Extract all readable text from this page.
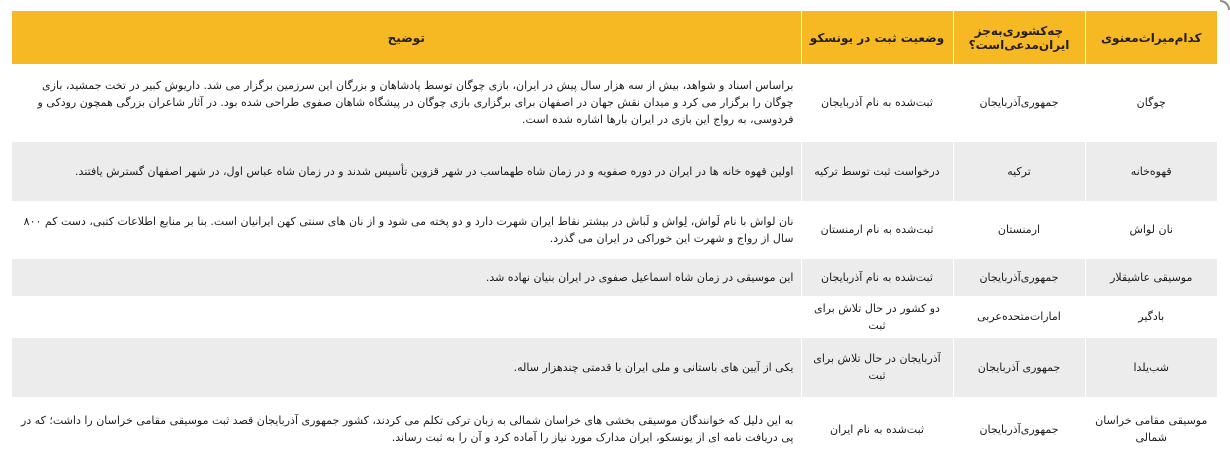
کدام‌میراث‌معنوی	چه‌کشوری‌به‌جز ایران‌مدعی‌است؟	وضعیت ثبت در یونسکو	توضیح
چوگان	جمهوری‌آذربایجان	ثبت‌شده به نام آذربایجان	براساس اسناد و شواهد، بیش از سه هزار سال پیش در ایران، بازی چوگان توسط پادشاهان و بزرگان این سرزمین برگزار می شد. داریوش کبیر در تخت جمشید، بازی چوگان را برگزار می کرد و میدان نقش جهان در اصفهان برای برگزاری بازی چوگان در پیشگاه شاهان صفوی طراحی شده بود. در آثار شاعران بزرگی همچون رودکی و فردوسی، به رواج این بازی در ایران بارها اشاره شده است.
قهوه‌خانه	ترکیه	درخواست ثبت توسط ترکیه	اولین قهوه خانه ها در ایران در دوره صفویه و در زمان شاه طهماسب در شهر قزوین تأسیس شدند و در زمان شاه عباس اول، در شهر اصفهان گسترش یافتند.
نان لواش	ارمنستان	ثبت‌شده به نام ارمنستان	نان لواش با نام لَواش، لِواش و لَباش در بیشتر نقاط ایران شهرت دارد و دو پخته می شود و از نان های سنتی کهن ایرانیان است. بنا بر منابع اطلاعات کتبی، دست کم ۸۰۰ سال از رواج و شهرت این خوراکی در ایران می گذرد.
موسیقی عاشیقلار	جمهوری‌آذربایجان	ثبت‌شده به نام آذربایجان	این موسیقی در زمان شاه اسماعیل صفوی در ایران بنیان نهاده شد.
بادگیر	امارات‌متحده‌عربی	دو کشور در حال تلاش برای ثبت	
شب‌یلدا	جمهوری آذربایجان	آذربایجان در حال تلاش برای ثبت	یکی از آیین های باستانی و ملی ایران با قدمتی چندهزار ساله.
موسیقی مقامی خراسان شمالی	جمهوری‌آذربایجان	ثبت‌شده به نام ایران	به این دلیل که خوانندگان موسیقی بخشی های خراسان شمالی به زبان ترکی تکلم می کردند، کشور جمهوری آذربایجان قصد ثبت موسیقی مقامی خراسان را داشت؛ که در پی دریافت نامه ای از یونسکو، ایران مدارک مورد نیاز را آماده کرد و آن را به ثبت رساند.
